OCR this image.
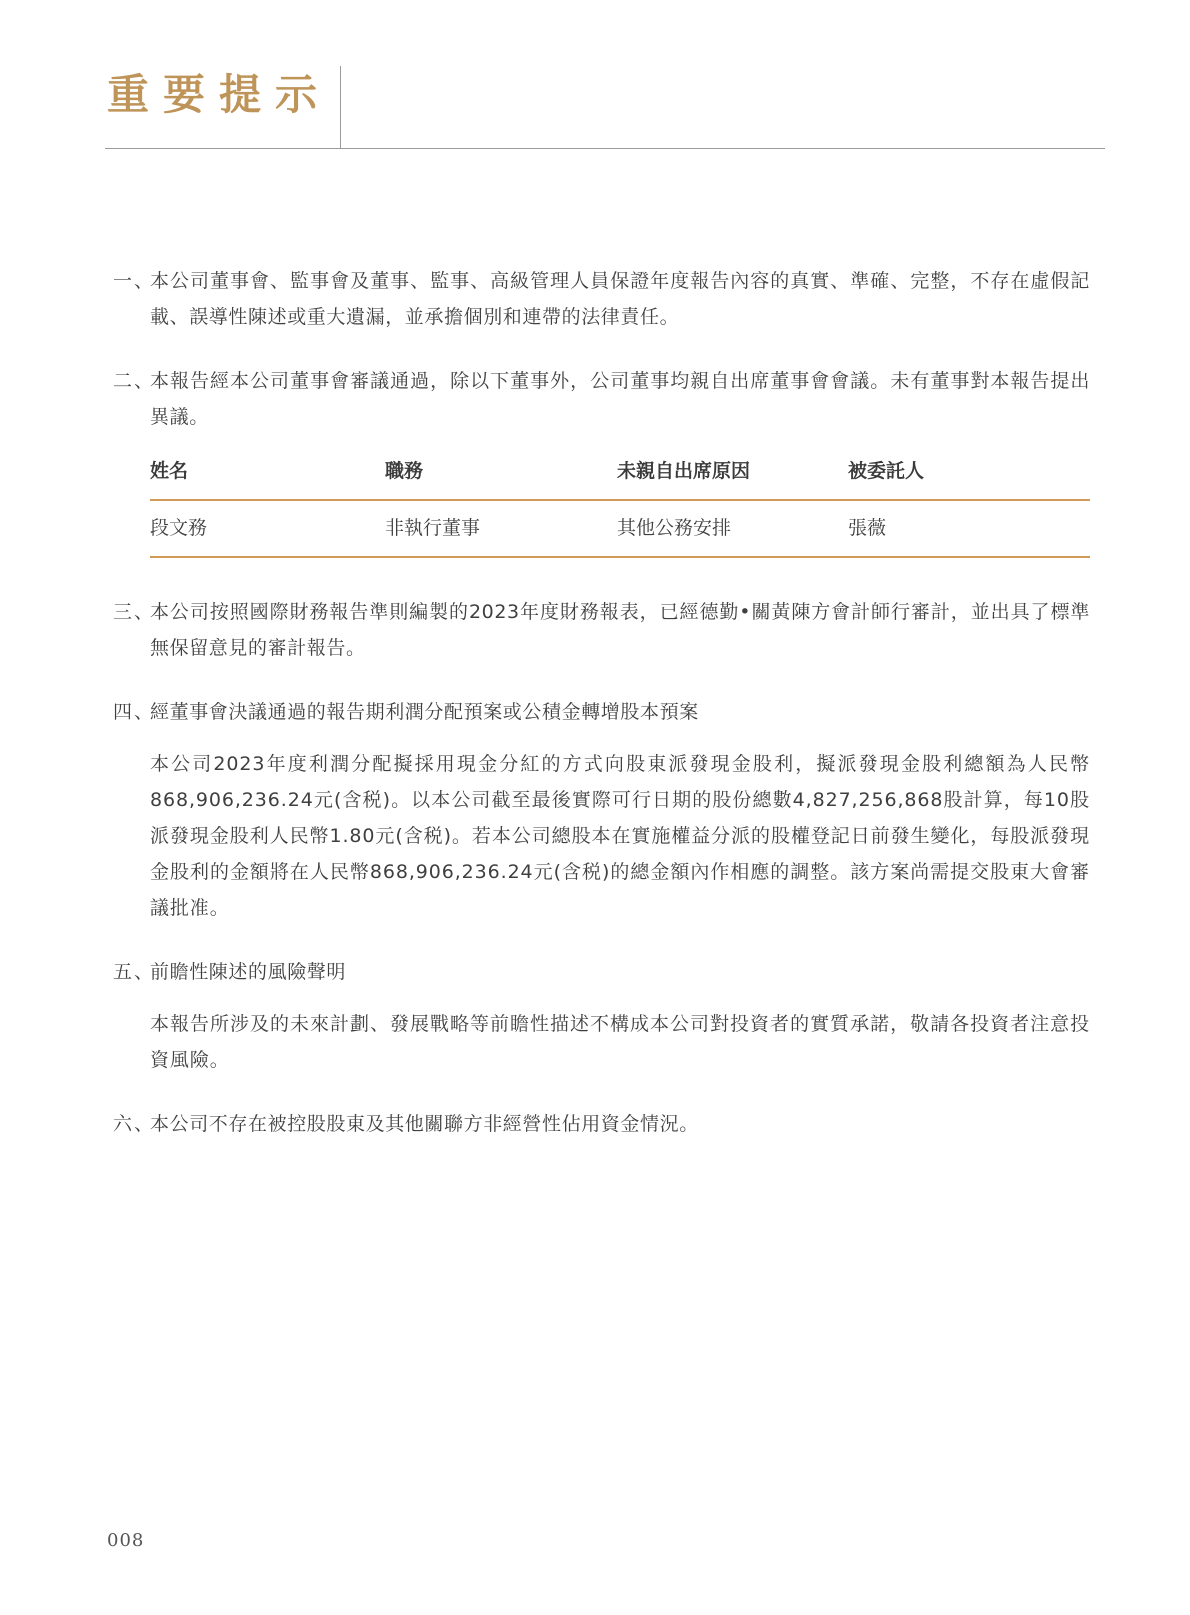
重要提示
一、
本公司董事會、監事會及董事、監事、高級管理人員保證年度報告內容的真實、準確、完整，不存在虛假記載、誤導性陳述或重大遺漏，並承擔個別和連帶的法律責任。
二、
本報告經本公司董事會審議通過，除以下董事外，公司董事均親自出席董事會會議。未有董事對本報告提出異議。
姓名	職務	未親自出席原因	被委託人
段文務	非執行董事	其他公務安排	張薇
三、
本公司按照國際財務報告準則編製的2023年度財務報表，已經德勤•關黃陳方會計師行審計，並出具了標準無保留意見的審計報告。
四、
經董事會決議通過的報告期利潤分配預案或公積金轉增股本預案
本公司2023年度利潤分配擬採用現金分紅的方式向股東派發現金股利，擬派發現金股利總額為人民幣868,906,236.24元(含税)。以本公司截至最後實際可行日期的股份總數4,827,256,868股計算，每10股派發現金股利人民幣1.80元(含税)。若本公司總股本在實施權益分派的股權登記日前發生變化，每股派發現金股利的金額將在人民幣868,906,236.24元(含税)的總金額內作相應的調整。該方案尚需提交股東大會審議批准。
五、
前瞻性陳述的風險聲明
本報告所涉及的未來計劃、發展戰略等前瞻性描述不構成本公司對投資者的實質承諾，敬請各投資者注意投資風險。
六、
本公司不存在被控股股東及其他關聯方非經營性佔用資金情況。
008
